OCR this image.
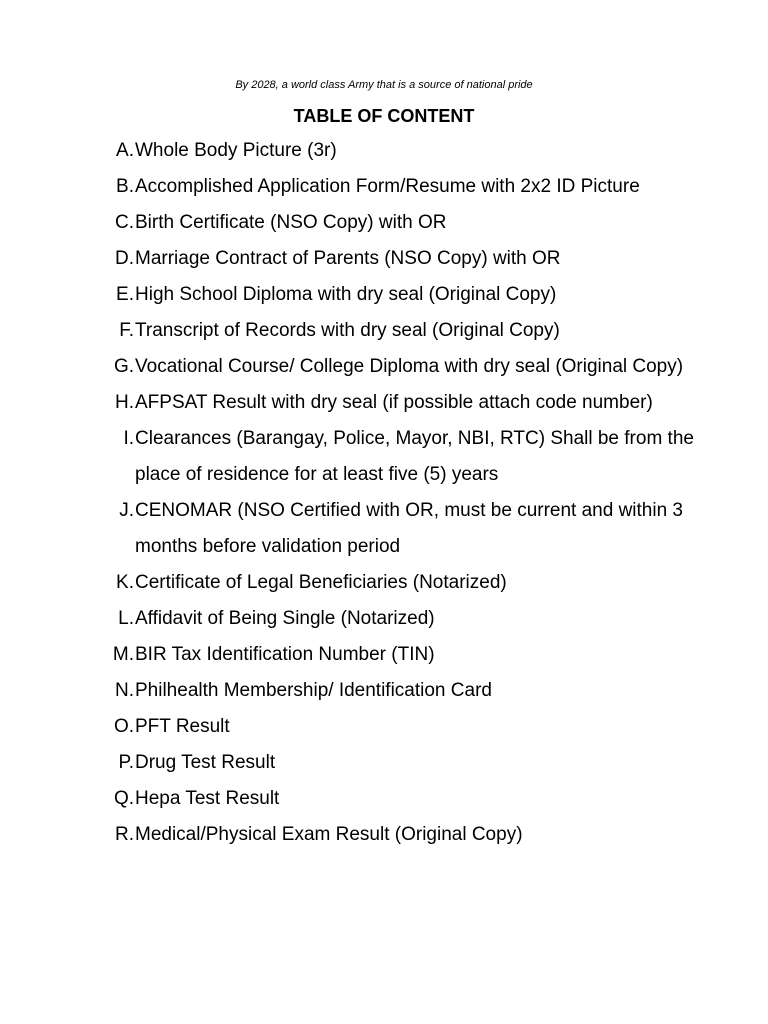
By 2028, a world class Army that is a source of national pride
TABLE OF CONTENT
A. Whole Body Picture (3r)
B. Accomplished Application Form/Resume with 2x2 ID Picture
C. Birth Certificate (NSO Copy) with OR
D. Marriage Contract of Parents (NSO Copy) with OR
E. High School Diploma with dry seal (Original Copy)
F. Transcript of Records with dry seal (Original Copy)
G. Vocational Course/ College Diploma with dry seal (Original Copy)
H. AFPSAT Result with dry seal (if possible attach code number)
I. Clearances (Barangay, Police, Mayor, NBI, RTC) Shall be from the place of residence for at least five (5) years
J. CENOMAR (NSO Certified with OR, must be current and within 3 months before validation period
K. Certificate of Legal Beneficiaries (Notarized)
L. Affidavit of Being Single (Notarized)
M. BIR Tax Identification Number (TIN)
N. Philhealth Membership/ Identification Card
O. PFT Result
P. Drug Test Result
Q. Hepa Test Result
R. Medical/Physical Exam Result (Original Copy)
